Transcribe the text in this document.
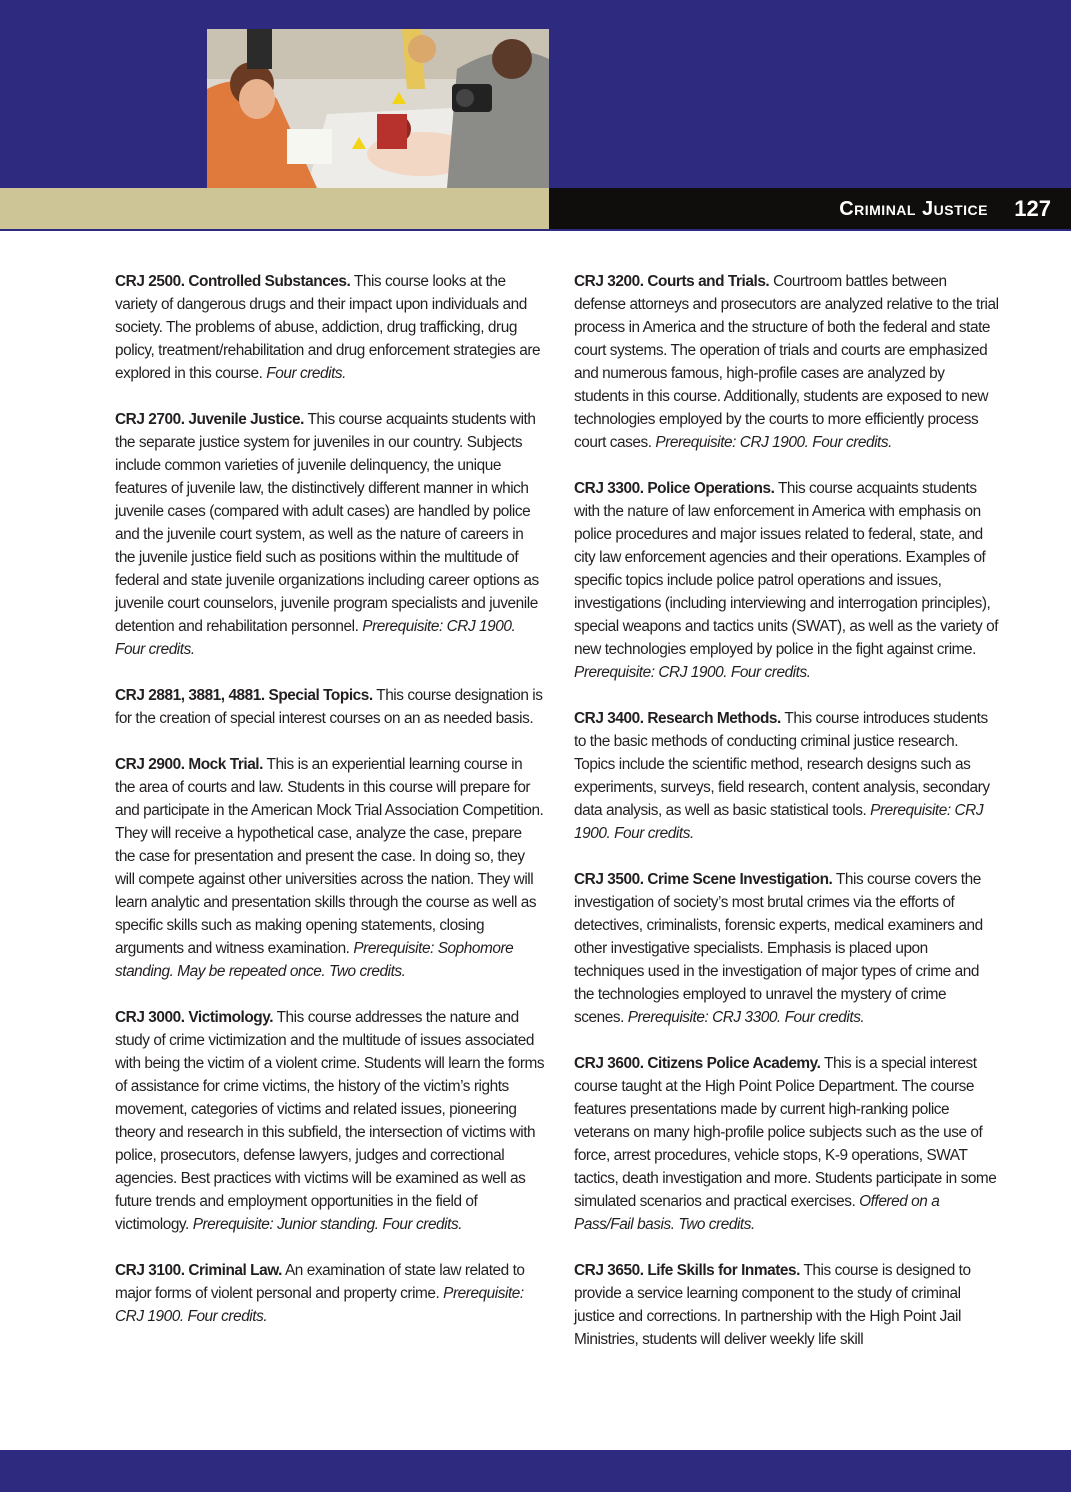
Criminal Justice 127

CRJ 2500. Controlled Substances. This course looks at the variety of dangerous drugs and their impact upon individuals and society. The problems of abuse, addiction, drug trafficking, drug policy, treatment/rehabilitation and drug enforcement strategies are explored in this course. Four credits.

CRJ 2700. Juvenile Justice. This course acquaints students with the separate justice system for juveniles in our country. Subjects include common varieties of juvenile delinquency, the unique features of juvenile law, the distinctively different manner in which juvenile cases (compared with adult cases) are handled by police and the juvenile court system, as well as the nature of careers in the juvenile justice field such as positions within the multitude of federal and state juvenile organizations including career options as juvenile court counselors, juvenile program specialists and juvenile detention and rehabilitation personnel. Prerequisite: CRJ 1900. Four credits.

CRJ 2881, 3881, 4881. Special Topics. This course designation is for the creation of special interest courses on an as needed basis.

CRJ 2900. Mock Trial. This is an experiential learning course in the area of courts and law. Students in this course will prepare for and participate in the American Mock Trial Association Competition. They will receive a hypothetical case, analyze the case, prepare the case for presentation and present the case. In doing so, they will compete against other universities across the nation. They will learn analytic and presentation skills through the course as well as specific skills such as making opening statements, closing arguments and witness examination. Prerequisite: Sophomore standing. May be repeated once. Two credits.

CRJ 3000. Victimology. This course addresses the nature and study of crime victimization and the multitude of issues associated with being the victim of a violent crime. Students will learn the forms of assistance for crime victims, the history of the victim’s rights movement, categories of victims and related issues, pioneering theory and research in this subfield, the intersection of victims with police, prosecutors, defense lawyers, judges and correctional agencies. Best practices with victims will be examined as well as future trends and employment opportunities in the field of victimology. Prerequisite: Junior standing. Four credits.

CRJ 3100. Criminal Law. An examination of state law related to major forms of violent personal and property crime. Prerequisite: CRJ 1900. Four credits.

CRJ 3200. Courts and Trials. Courtroom battles between defense attorneys and prosecutors are analyzed relative to the trial process in America and the structure of both the federal and state court systems. The operation of trials and courts are emphasized and numerous famous, high-profile cases are analyzed by students in this course. Additionally, students are exposed to new technologies employed by the courts to more efficiently process court cases. Prerequisite: CRJ 1900. Four credits.

CRJ 3300. Police Operations. This course acquaints students with the nature of law enforcement in America with emphasis on police procedures and major issues related to federal, state, and city law enforcement agencies and their operations. Examples of specific topics include police patrol operations and issues, investigations (including interviewing and interrogation principles), special weapons and tactics units (SWAT), as well as the variety of new technologies employed by police in the fight against crime. Prerequisite: CRJ 1900. Four credits.

CRJ 3400. Research Methods. This course introduces students to the basic methods of conducting criminal justice research. Topics include the scientific method, research designs such as experiments, surveys, field research, content analysis, secondary data analysis, as well as basic statistical tools. Prerequisite: CRJ 1900. Four credits.

CRJ 3500. Crime Scene Investigation. This course covers the investigation of society’s most brutal crimes via the efforts of detectives, criminalists, forensic experts, medical examiners and other investigative specialists. Emphasis is placed upon techniques used in the investigation of major types of crime and the technologies employed to unravel the mystery of crime scenes. Prerequisite: CRJ 3300. Four credits.

CRJ 3600. Citizens Police Academy. This is a special interest course taught at the High Point Police Department. The course features presentations made by current high-ranking police veterans on many high-profile police subjects such as the use of force, arrest procedures, vehicle stops, K-9 operations, SWAT tactics, death investigation and more. Students participate in some simulated scenarios and practical exercises. Offered on a Pass/Fail basis. Two credits.

CRJ 3650. Life Skills for Inmates. This course is designed to provide a service learning component to the study of criminal justice and corrections. In partnership with the High Point Jail Ministries, students will deliver weekly life skill
